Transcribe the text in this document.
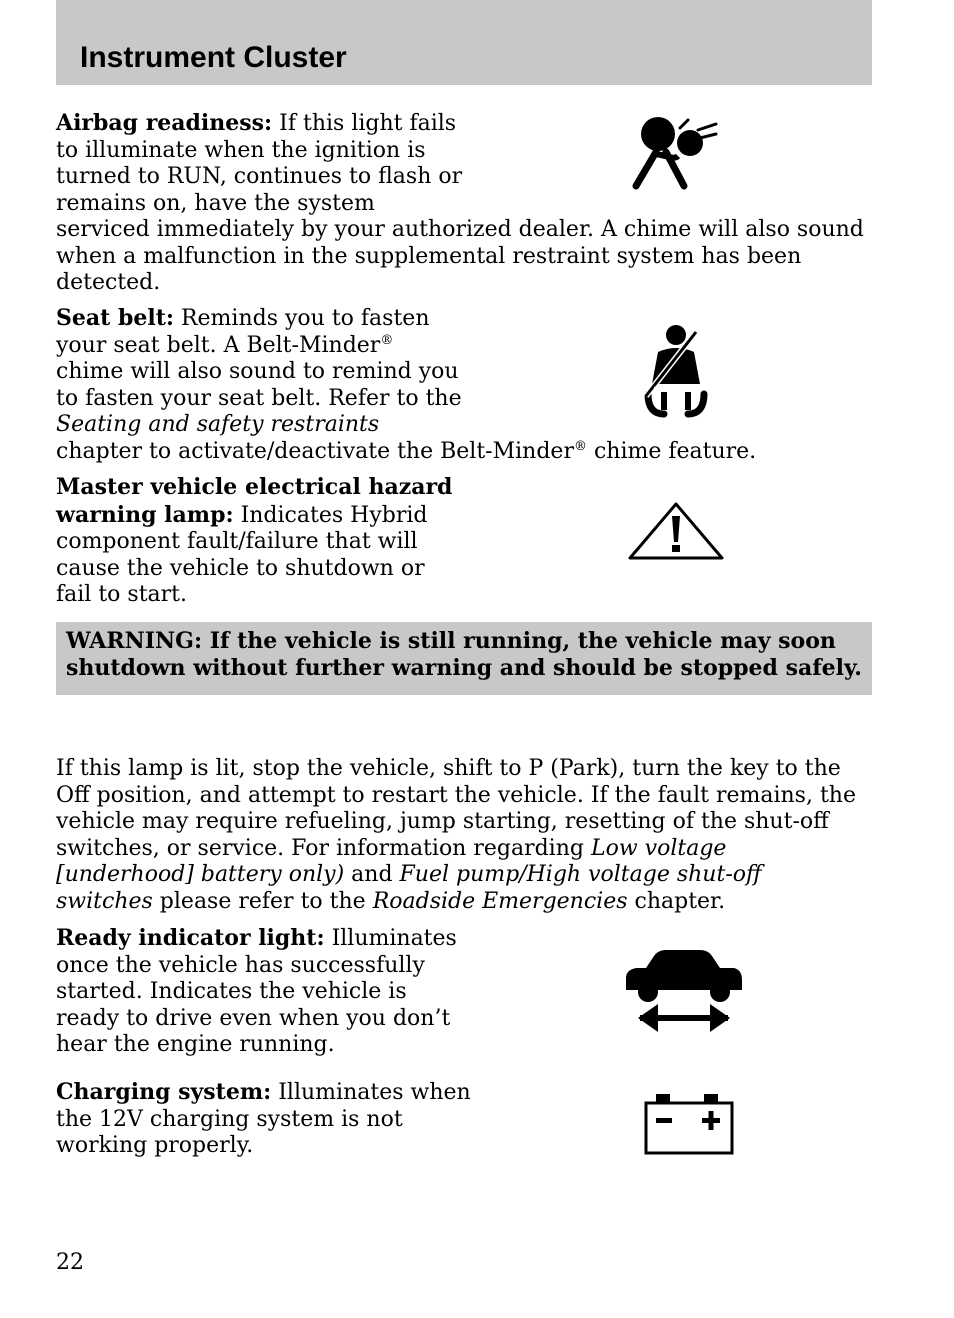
Instrument Cluster

Airbag readiness: If this light fails
to illuminate when the ignition is
turned to RUN, continues to flash or
remains on, have the system
serviced immediately by your authorized dealer. A chime will also sound
when a malfunction in the supplemental restraint system has been
detected.

Seat belt: Reminds you to fasten
your seat belt. A Belt-Minder®
chime will also sound to remind you
to fasten your seat belt. Refer to the
Seating and safety restraints
chapter to activate/deactivate the Belt-Minder® chime feature.

Master vehicle electrical hazard
warning lamp: Indicates Hybrid
component fault/failure that will
cause the vehicle to shutdown or
fail to start.

WARNING: If the vehicle is still running, the vehicle may soon
shutdown without further warning and should be stopped safely.

If this lamp is lit, stop the vehicle, shift to P (Park), turn the key to the
Off position, and attempt to restart the vehicle. If the fault remains, the
vehicle may require refueling, jump starting, resetting of the shut-off
switches, or service. For information regarding Low voltage
[underhood] battery only) and Fuel pump/High voltage shut-off
switches please refer to the Roadside Emergencies chapter.

Ready indicator light: Illuminates
once the vehicle has successfully
started. Indicates the vehicle is
ready to drive even when you don’t
hear the engine running.

Charging system: Illuminates when
the 12V charging system is not
working properly.

22
